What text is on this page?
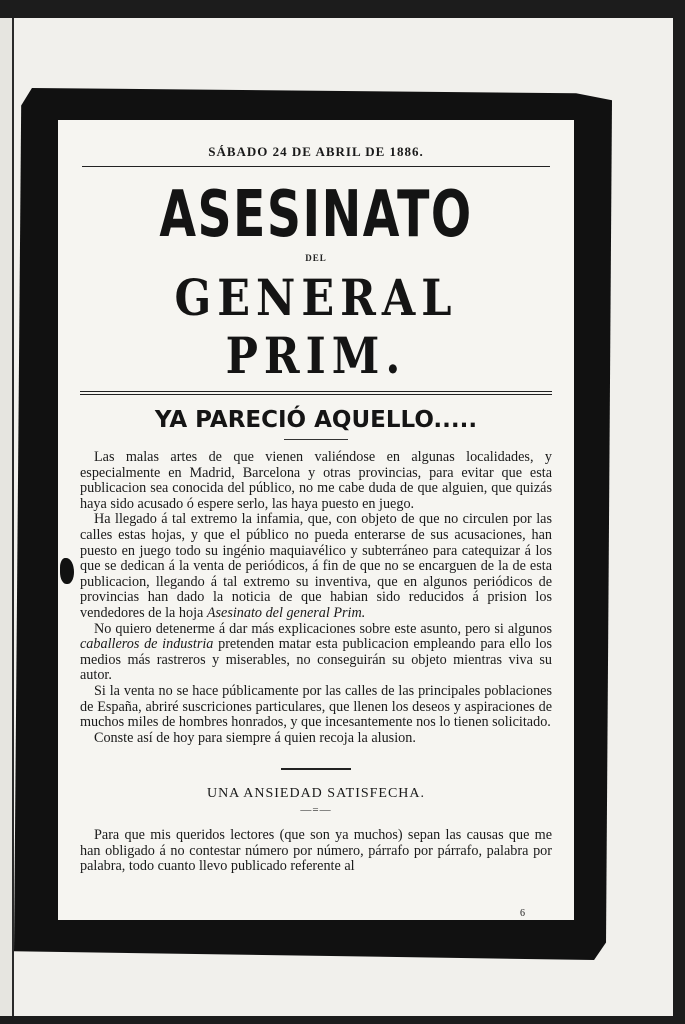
SÁBADO 24 DE ABRIL DE 1886.
ASESINATO
DEL
GENERAL PRIM.
YA PARECIÓ AQUELLO.....

Las malas artes de que vienen valiéndose en algunas localidades, y especialmente en Madrid, Barcelona y otras provincias, para evitar que esta publicacion sea conocida del público, no me cabe duda de que alguien, que quizás haya sido acusado ó espere serlo, las haya puesto en juego.

Ha llegado á tal extremo la infamia, que, con objeto de que no circulen por las calles estas hojas, y que el público no pueda enterarse de sus acusaciones, han puesto en juego todo su ingénio maquiavélico y subterráneo para catequizar á los que se dedican á la venta de periódicos, á fin de que no se encarguen de la de esta publicacion, llegando á tal extremo su inventiva, que en algunos periódicos de provincias han dado la noticia de que habian sido reducidos á prision los vendedores de la hoja Asesinato del general Prim.

No quiero detenerme á dar más explicaciones sobre este asunto, pero si algunos caballeros de industria pretenden matar esta publicacion empleando para ello los medios más rastreros y miserables, no conseguirán su objeto mientras viva su autor.

Si la venta no se hace públicamente por las calles de las principales poblaciones de España, abriré suscriciones particulares, que llenen los deseos y aspiraciones de muchos miles de hombres honrados, y que incesantemente nos lo tienen solicitado.

Conste así de hoy para siempre á quien recoja la alusion.

UNA ANSIEDAD SATISFECHA.
—=—

Para que mis queridos lectores (que son ya muchos) sepan las causas que me han obligado á no contestar número por número, párrafo por párrafo, palabra por palabra, todo cuanto llevo publicado referente al

6
